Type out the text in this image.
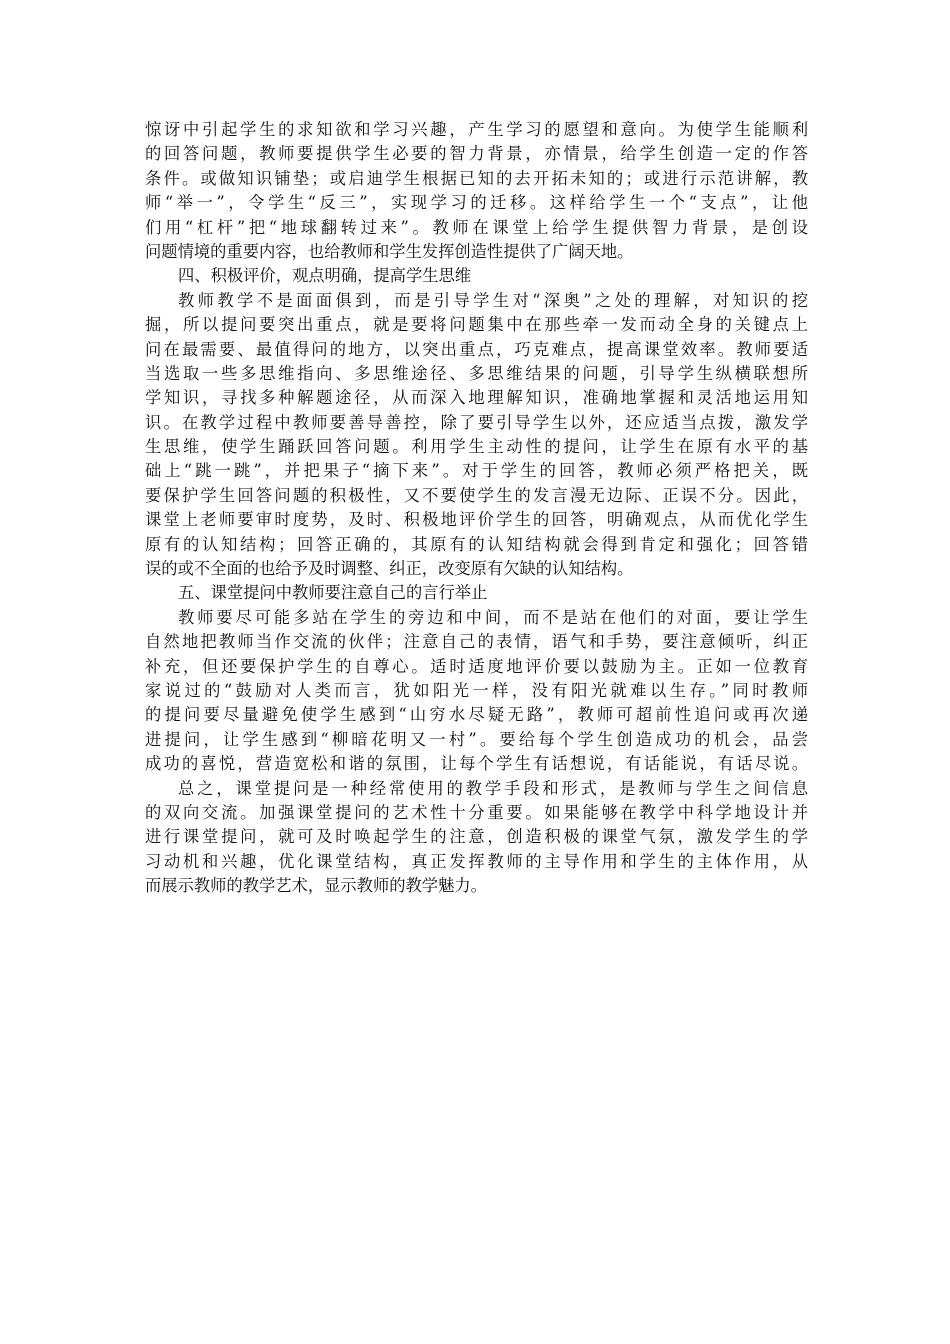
惊讶中引起学生的求知欲和学习兴趣，产生学习的愿望和意向。为使学生能顺利
的回答问题，教师要提供学生必要的智力背景，亦情景，给学生创造一定的作答
条件。或做知识铺垫；或启迪学生根据已知的去开拓未知的；或进行示范讲解，教
师“举一”，令学生“反三”，实现学习的迁移。这样给学生一个“支点”，让他
们用“杠杆”把“地球翻转过来”。教师在课堂上给学生提供智力背景，是创设
问题情境的重要内容，也给教师和学生发挥创造性提供了广阔天地。
四、积极评价，观点明确，提高学生思维
教师教学不是面面俱到，而是引导学生对“深奥”之处的理解，对知识的挖
掘，所以提问要突出重点，就是要将问题集中在那些牵一发而动全身的关键点上
问在最需要、最值得问的地方，以突出重点，巧克难点，提高课堂效率。教师要适
当选取一些多思维指向、多思维途径、多思维结果的问题，引导学生纵横联想所
学知识，寻找多种解题途径，从而深入地理解知识，准确地掌握和灵活地运用知
识。在教学过程中教师要善导善控，除了要引导学生以外，还应适当点拨，激发学
生思维，使学生踊跃回答问题。利用学生主动性的提问，让学生在原有水平的基
础上“跳一跳”，并把果子“摘下来”。对于学生的回答，教师必须严格把关，既
要保护学生回答问题的积极性，又不要使学生的发言漫无边际、正误不分。因此，
课堂上老师要审时度势，及时、积极地评价学生的回答，明确观点，从而优化学生
原有的认知结构；回答正确的，其原有的认知结构就会得到肯定和强化；回答错
误的或不全面的也给予及时调整、纠正，改变原有欠缺的认知结构。
五、课堂提问中教师要注意自己的言行举止
教师要尽可能多站在学生的旁边和中间，而不是站在他们的对面，要让学生
自然地把教师当作交流的伙伴；注意自己的表情，语气和手势，要注意倾听，纠正
补充，但还要保护学生的自尊心。适时适度地评价要以鼓励为主。正如一位教育
家说过的“鼓励对人类而言，犹如阳光一样，没有阳光就难以生存。”同时教师
的提问要尽量避免使学生感到“山穷水尽疑无路”，教师可超前性追问或再次递
进提问，让学生感到“柳暗花明又一村”。要给每个学生创造成功的机会，品尝
成功的喜悦，营造宽松和谐的氛围，让每个学生有话想说，有话能说，有话尽说。
总之，课堂提问是一种经常使用的教学手段和形式，是教师与学生之间信息
的双向交流。加强课堂提问的艺术性十分重要。如果能够在教学中科学地设计并
进行课堂提问，就可及时唤起学生的注意，创造积极的课堂气氛，激发学生的学
习动机和兴趣，优化课堂结构，真正发挥教师的主导作用和学生的主体作用，从
而展示教师的教学艺术，显示教师的教学魅力。
